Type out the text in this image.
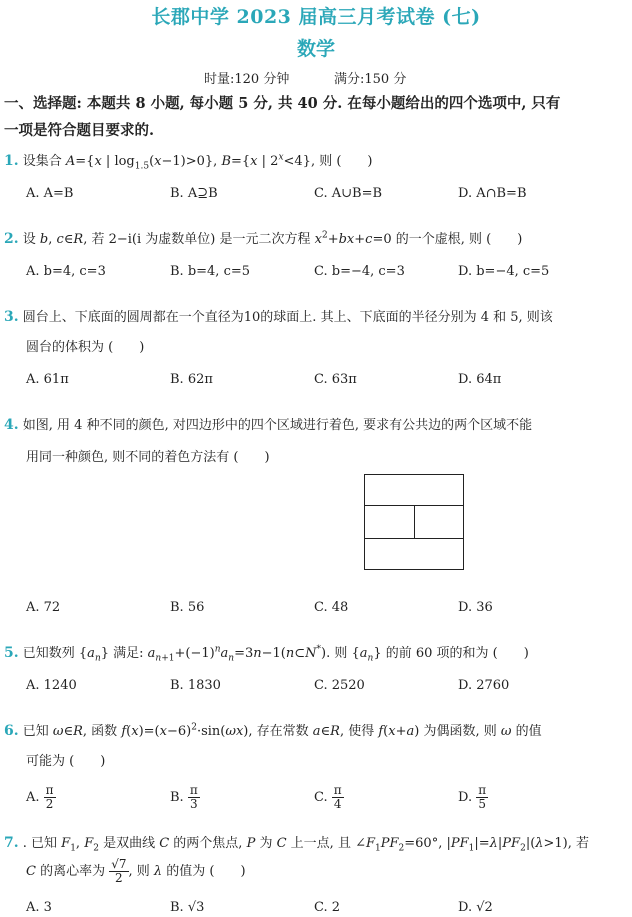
长郡中学 2023 届高三月考试卷 (七)
数学
时量:120 分钟	满分:150 分
一、选择题: 本题共 8 小题, 每小题 5 分, 共 40 分. 在每小题给出的四个选项中, 只有
一项是符合题目要求的.
1. 设集合 A={x | $\log_{1.5}(x-1)>0$}, B={x | $2^x<4$}, 则 (　　)
A. A=B	B. A⊇B	C. A∪B=B	D. A∩B=B
2. 设 b, c∈R, 若 2−i(i 为虚数单位) 是一元二次方程 $x^2+bx+c=0$ 的一个虚根, 则 (　　)
A. b=4, c=3	B. b=4, c=5	C. b=−4, c=3	D. b=−4, c=5
3. 圆台上、下底面的圆周都在一个直径为10的球面上. 其上、下底面的半径分别为 4 和 5, 则该
圆台的体积为 (　　)
A. 61π	B. 62π	C. 63π	D. 64π
4. 如图, 用 4 种不同的颜色, 对四边形中的四个区域进行着色, 要求有公共边的两个区域不能
用同一种颜色, 则不同的着色方法有 (　　)
A. 72	B. 56	C. 48	D. 36
5. 已知数列 $\{a_n\}$ 满足: $a_{n+1}+(-1)^na_n=3n-1(n\subset N^*)$. 则 $\{a_n\}$ 的前 60 项的和为 (　　)
A. 1240	B. 1830	C. 2520	D. 2760
6. 已知 ω∈R, 函数 $f(x)=(x-6)^2\cdot\sin(\omega x)$, 存在常数 a∈R, 使得 f(x+a) 为偶函数, 则 ω 的值
可能为 (　　)
A. $\frac{\pi}{2}$	B. $\frac{\pi}{3}$	C. $\frac{\pi}{4}$	D. $\frac{\pi}{5}$
7. . 已知 $F_1$, $F_2$ 是双曲线 C 的两个焦点, P 为 C 上一点, 且 $\angle F_1PF_2=60^\circ$, $|PF_1|=\lambda|PF_2|(\lambda>1)$, 若
C 的离心率为 $\frac{√7}{2}$ , 则 λ 的值为 (　　)
A. 3	B. √3	C. 2	D. √2
